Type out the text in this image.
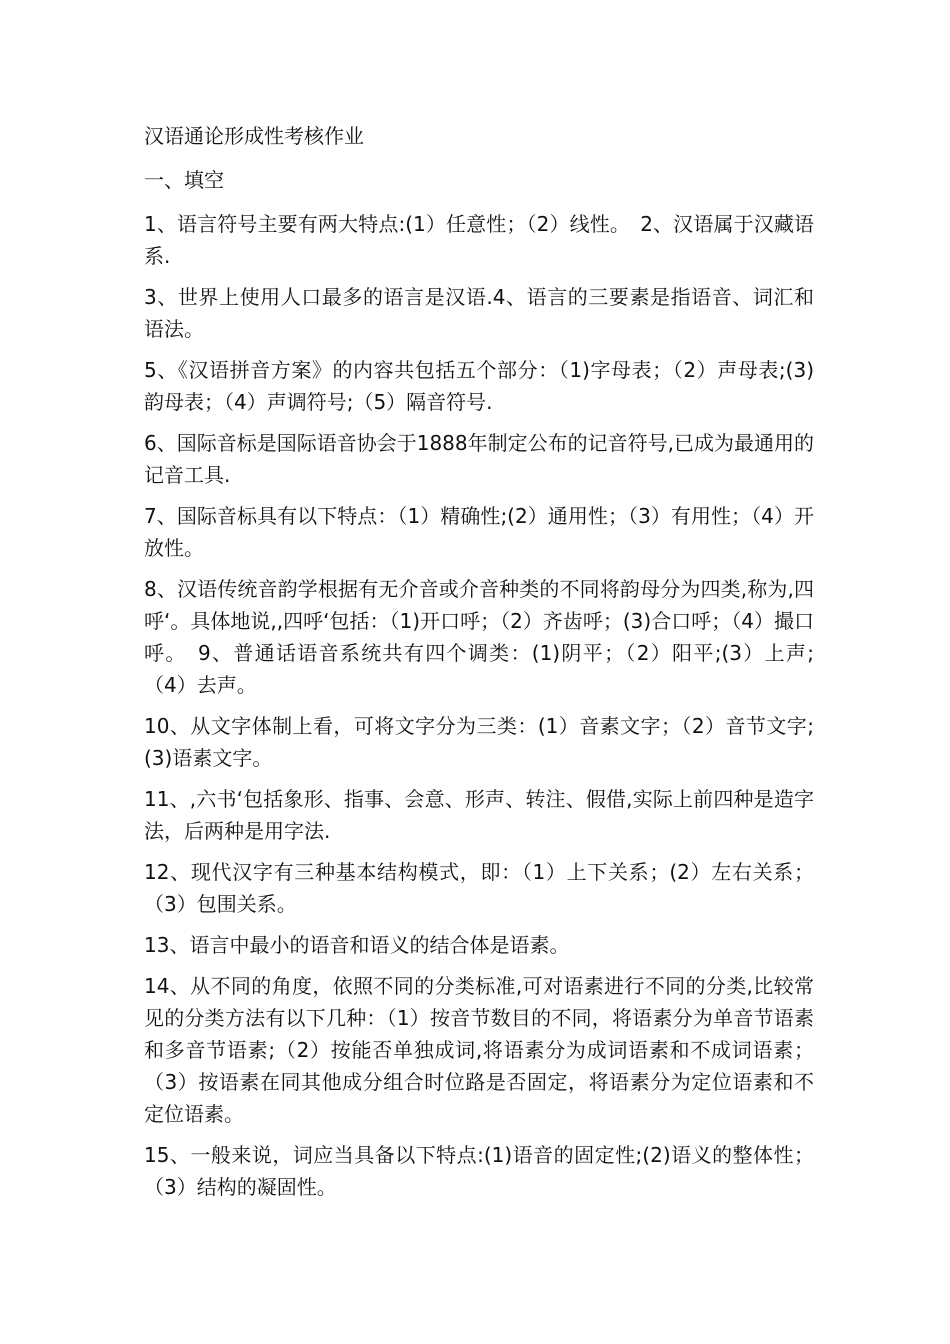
汉语通论形成性考核作业

一、填空

1、语言符号主要有两大特点:(1）任意性；（2）线性。　2、汉语属于汉藏语系.

3、世界上使用人口最多的语言是汉语.4、语言的三要素是指语音、词汇和语法。

5、《汉语拼音方案》的内容共包括五个部分：（1)字母表；（2）声母表;(3)韵母表；（4）声调符号;（5）隔音符号.

6、国际音标是国际语音协会于1888年制定公布的记音符号,已成为最通用的记音工具.

7、国际音标具有以下特点：（1）精确性;(2）通用性；（3）有用性；（4）开放性。

8、汉语传统音韵学根据有无介音或介音种类的不同将韵母分为四类,称为,四呼‘。具体地说,,四呼‘包括：（1)开口呼；（2）齐齿呼；(3)合口呼；（4）撮口呼。　9、普通话语音系统共有四个调类：(1)阴平；（2）阳平;(3）上声;（4）去声。

10、从文字体制上看，可将文字分为三类：(1）音素文字；（2）音节文字;(3)语素文字。

11、,六书‘包括象形、指事、会意、形声、转注、假借,实际上前四种是造字法，后两种是用字法.

12、现代汉字有三种基本结构模式，即：（1）上下关系；(2）左右关系；（3）包围关系。

13、语言中最小的语音和语义的结合体是语素。

14、从不同的角度，依照不同的分类标准,可对语素进行不同的分类,比较常见的分类方法有以下几种：（1）按音节数目的不同，将语素分为单音节语素和多音节语素;（2）按能否单独成词,将语素分为成词语素和不成词语素；（3）按语素在同其他成分组合时位路是否固定，将语素分为定位语素和不定位语素。

15、一般来说，词应当具备以下特点:(1)语音的固定性;(2)语义的整体性；（3）结构的凝固性。
